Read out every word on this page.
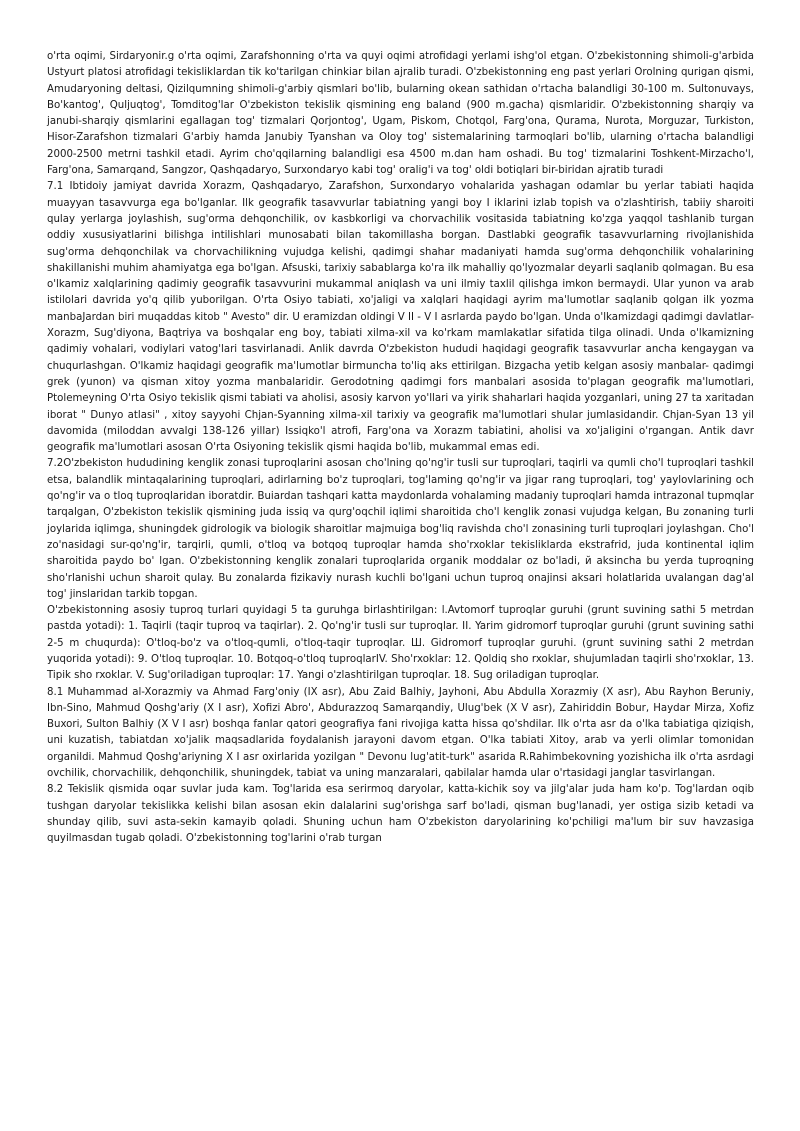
o'rta oqimi, Sirdaryonir.g o'rta oqimi, Zarafshonning o'rta va quyi oqimi atrofidagi yerlami ishg'ol etgan. O'zbekistonning shimoli-g'arbida Ustyurt platosi atrofidagi tekisliklardan tik ko'tarilgan chinkiar bilan ajralib turadi. O'zbekistonning eng past yerlari Orolning qurigan qismi, Amudaryoning deltasi, Qizilqumning shimoli-g'arbiy qismlari bo'lib, bularning okean sathidan o'rtacha balandligi 30-100 m. Sultonuvays, Bo'kantog', Quljuqtog', Tomditog'lar O'zbekiston tekislik qismining eng baland (900 m.gacha) qismlaridir. O'zbekistonning sharqiy va janubi-sharqiy qismlarini egallagan tog' tizmalari Qorjontog', Ugam, Piskom, Chotqol, Farg'ona, Qurama, Nurota, Morguzar, Turkiston, Hisor-Zarafshon tizmalari G'arbiy hamda Janubiy Tyanshan va Oloy tog' sistemalarining tarmoqlari bo'lib, ularning o'rtacha balandligi 2000-2500 metrni tashkil etadi. Ayrim cho'qqilarning balandligi esa 4500 m.dan ham oshadi. Bu tog' tizmalarini Toshkent-Mirzacho'l, Farg'ona, Samarqand, Sangzor, Qashqadaryo, Surxondaryo kabi tog' oralig'i va tog' oldi botiqlari bir-biridan ajratib turadi

7.1 Ibtidoiy jamiyat davrida Xorazm, Qashqadaryo, Zarafshon, Surxondaryo vohalarida yashagan odamlar bu yerlar tabiati haqida muayyan tasavvurga ega bo'lganlar. Ilk geografik tasavvurlar tabiatning yangi boy I iklarini izlab topish va o'zlashtirish, tabiiy sharoiti qulay yerlarga joylashish, sug'orma dehqonchilik, ov kasbkorligi va chorvachilik vositasida tabiatning ko'zga yaqqol tashlanib turgan oddiy xususiyatlarini bilishga intilishlari munosabati bilan takomillasha borgan. Dastlabki geografik tasavvurlarning rivojlanishida sug'orma dehqonchilak va chorvachilikning vujudga kelishi, qadimgi shahar madaniyati hamda sug'orma dehqonchilik vohalarining shakillanishi muhim ahamiyatga ega bo'lgan. Afsuski, tarixiy sabablarga ko'ra ilk mahalliy qo'lyozmalar deyarli saqlanib qolmagan. Bu esa o'lkamiz xalqlarining qadimiy geografik tasavvurini mukammal aniqlash va uni ilmiy taxlil qilishga imkon bermaydi. Ular yunon va arab istilolari davrida yo'q qilib yuborilgan. O'rta Osiyo tabiati, xo'jaligi va xalqlari haqidagi ayrim ma'lumotlar saqlanib qolgan ilk yozma manbaJardan biri muqaddas kitob " Avesto" dir. U eramizdan oldingi V II - V I asrlarda paydo bo'lgan. Unda o'lkamizdagi qadimgi davlatlar- Xorazm, Sug'diyona, Baqtriya va boshqalar eng boy, tabiati xilma-xil va ko'rkam mamlakatlar sifatida tilga olinadi. Unda o'lkamizning qadimiy vohalari, vodiylari vatog'lari tasvirlanadi. Anlik davrda O'zbekiston hududi haqidagi geografik tasavvurlar ancha kengaygan va chuqurlashgan. O'lkamiz haqidagi geografik ma'lumotlar birmuncha to'liq aks ettirilgan. Bizgacha yetib kelgan asosiy manbalar- qadimgi grek (yunon) va qisman xitoy yozma manbalaridir. Gerodotning qadimgi fors manbalari asosida to'plagan geografik ma'lumotlari, Ptolemeyning O'rta Osiyo tekislik qismi tabiati va aholisi, asosiy karvon yo'llari va yirik shaharlari haqida yozganlari, uning 27 ta xaritadan iborat " Dunyo atlasi" , xitoy sayyohi Chjan-Syanning xilma-xil tarixiy va geografik ma'lumotlari shular jumlasidandir. Chjan-Syan 13 yil davomida (miloddan avvalgi 138-126 yillar) Issiqko'l atrofi, Farg'ona va Xorazm tabiatini, aholisi va xo'jaligini o'rgangan. Antik davr geografik ma'lumotlari asosan O'rta Osiyoning tekislik qismi haqida bo'lib, mukammal emas edi.

7.2O'zbekiston hududining kenglik zonasi tuproqlarini asosan cho'lning qo'ng'ir tusli sur tuproqlari, taqirli va qumli cho'l tuproqlari tashkil etsa, balandlik mintaqalarining tuproqlari, adirlarning bo'z tuproqlari, tog'laming qo'ng'ir va jigar rang tuproqlari, tog' yaylovlarining och qo'ng'ir va o tloq tuproqlaridan iboratdir. Buiardan tashqari katta maydonlarda vohalaming madaniy tuproqlari hamda intrazonal tupmqlar tarqalgan, O'zbekiston tekislik qismining juda issiq va qurg'oqchil iqlimi sharoitida cho'l kenglik zonasi vujudga kelgan, Bu zonaning turli joylarida iqlimga, shuningdek gidrologik va biologik sharoitlar majmuiga bog'liq ravishda cho'l zonasining turli tuproqlari joylashgan. Cho'l zo'nasidagi sur-qo'ng'ir, tarqirli, qumli, o'tloq va botqoq tuproqlar hamda sho'rxoklar tekisliklarda ekstrafrid, juda kontinental iqlim sharoitida paydo bo' lgan. O'zbekistonning kenglik zonalari tuproqlarida organik moddalar oz bo'ladi, й aksincha bu yerda tuproqning sho'rlanishi uchun sharoit qulay. Bu zonalarda fizikaviy nurash kuchli bo'lgani uchun tuproq onajinsi aksari holatlarida uvalangan dag'al tog' jinslaridan tarkib topgan.

O'zbekistonning asosiy tuproq turlari quyidagi 5 ta guruhga birlashtirilgan: l.Avtomorf tuproqlar guruhi (grunt suvining sathi 5 metrdan pastda yotadi): 1. Taqirli (taqir tuproq va taqirlar). 2. Qo'ng'ir tusli sur tuproqlar. II. Yarim gidromorf tuproqlar guruhi (grunt suvining sathi 2-5 m chuqurda): O'tloq-bo'z va o'tloq-qumli, o'tloq-taqir tuproqlar. Ш. Gidromorf tuproqlar guruhi. (grunt suvining sathi 2 metrdan yuqorida yotadi): 9. O'tloq tuproqlar. 10. Botqoq-o'tloq tuproqlarIV. Sho'rxoklar: 12. Qoldiq sho rxoklar, shujumladan taqirli sho'rxoklar, 13. Tipik sho rxoklar. V. Sug'oriladigan tuproqlar: 17. Yangi o'zlashtirilgan tuproqlar. 18. Sug oriladigan tuproqlar.

8.1 Muhammad al-Xorazmiy va Ahmad Farg'oniy (IX asr), Abu Zaid Balhiy, Jayhoni, Abu Abdulla Xorazmiy (X asr), Abu Rayhon Beruniy, Ibn-Sino, Mahmud Qoshg'ariy (X I asr), Xofizi Abro', Abdurazzoq Samarqandiy, Ulug'bek (X V asr), Zahiriddin Bobur, Haydar Mirza, Xofiz Buxori, Sulton Balhiy (X V I asr) boshqa fanlar qatori geografiya fani rivojiga katta hissa qo'shdilar. Ilk o'rta asr da o'lka tabiatiga qiziqish, uni kuzatish, tabiatdan xo'jalik maqsadlarida foydalanish jarayoni davom etgan. O'lka tabiati Xitoy, arab va yerli olimlar tomonidan organildi. Mahmud Qoshg'ariyning X I asr oxirlarida yozilgan " Devonu lug'atit-turk" asarida R.Rahimbekovning yozishicha ilk o'rta asrdagi ovchilik, chorvachilik, dehqonchilik, shuningdek, tabiat va uning manzaralari, qabilalar hamda ular o'rtasidagi janglar tasvirlangan.

8.2 Tekislik qismida oqar suvlar juda kam. Tog'larida esa serirmoq daryolar, katta-kichik soy va jilg'alar juda ham ko'p. Tog'lardan oqib tushgan daryolar tekislikka kelishi bilan asosan ekin dalalarini sug'orishga sarf bo'ladi, qisman bug'lanadi, yer ostiga sizib ketadi va shunday qilib, suvi asta-sekin kamayib qoladi. Shuning uchun ham O'zbekiston daryolarining ko'pchiligi ma'lum bir suv havzasiga quyilmasdan tugab qoladi. O'zbekistonning tog'larini o'rab turgan
